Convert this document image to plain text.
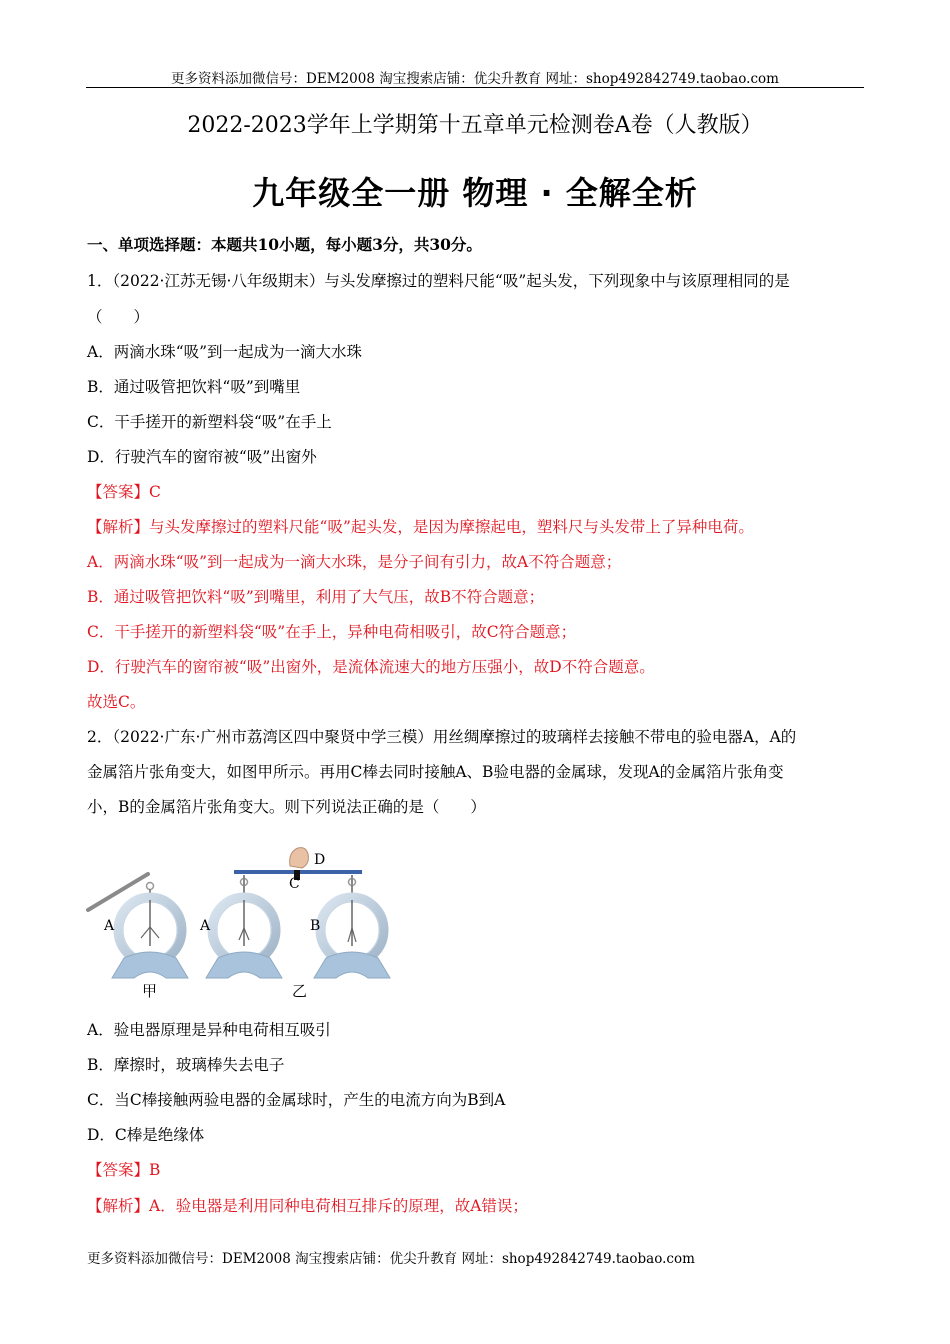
更多资料添加微信号：DEM2008 淘宝搜索店铺：优尖升教育 网址：shop492842749.taobao.com
2022-2023学年上学期第十五章单元检测卷A卷（人教版）
九年级全一册 物理 · 全解全析
一、单项选择题：本题共10小题，每小题3分，共30分。
1．（2022·江苏无锡·八年级期末）与头发摩擦过的塑料尺能“吸”起头发，下列现象中与该原理相同的是
（　　）
A．两滴水珠“吸”到一起成为一滴大水珠
B．通过吸管把饮料“吸”到嘴里
C．干手搓开的新塑料袋“吸”在手上
D．行驶汽车的窗帘被“吸”出窗外
【答案】C
【解析】与头发摩擦过的塑料尺能“吸”起头发，是因为摩擦起电，塑料尺与头发带上了异种电荷。
A．两滴水珠“吸”到一起成为一滴大水珠，是分子间有引力，故A不符合题意；
B．通过吸管把饮料“吸”到嘴里，利用了大气压，故B不符合题意；
C．干手搓开的新塑料袋“吸”在手上，异种电荷相吸引，故C符合题意；
D．行驶汽车的窗帘被“吸”出窗外，是流体流速大的地方压强小，故D不符合题意。
故选C。
2．（2022·广东·广州市荔湾区四中聚贤中学三模）用丝绸摩擦过的玻璃样去接触不带电的验电器A，A的
金属箔片张角变大，如图甲所示。再用C棒去同时接触A、B验电器的金属球，发现A的金属箔片张角变
小，B的金属箔片张角变大。则下列说法正确的是（　　）
A	A	B
C
D
甲	乙
A．验电器原理是异种电荷相互吸引
B．摩擦时，玻璃棒失去电子
C．当C棒接触两验电器的金属球时，产生的电流方向为B到A
D．C棒是绝缘体
【答案】B
【解析】A．验电器是利用同种电荷相互排斥的原理，故A错误；
更多资料添加微信号：DEM2008 淘宝搜索店铺：优尖升教育 网址：shop492842749.taobao.com
